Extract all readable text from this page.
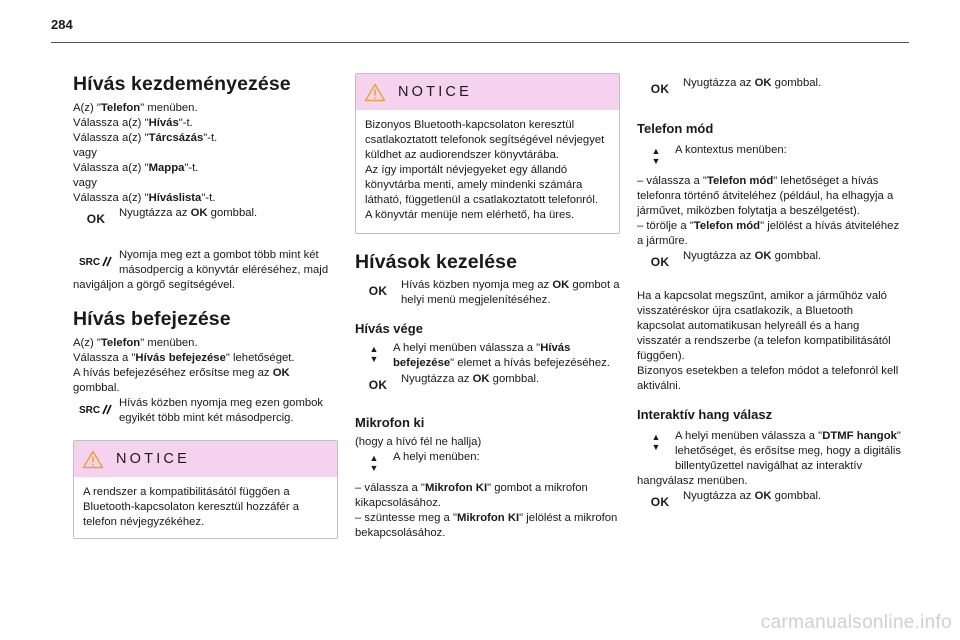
284
Hívás kezdeményezése

A(z) "Telefon" menüben.

Válassza a(z) "Hívás"-t.

Válassza a(z) "Tárcsázás"-t.

vagy

Válassza a(z) "Mappa"-t.

vagy

Válassza a(z) "Híváslista"-t.

OK	Nyugtázza az OK gombbal.
SRC
Nyomja meg ezt a gombot több mint két másodpercig a könyvtár eléréséhez, majd navigáljon a görgő segítségével.
Hívás befejezése

A(z) "Telefon" menüben.

Válassza a "Hívás befejezése" lehetőséget.

A hívás befejezéséhez erősítse meg az OK gombbal.

SRC
Hívás közben nyomja meg ezen gombok egyikét több mint két másodpercig.
NOTICE
A rendszer a kompatibilitásától függően a Bluetooth-kapcsolaton keresztül hozzáfér a telefon névjegyzékéhez.
NOTICE

Bizonyos Bluetooth-kapcsolaton keresztül csatlakoztatott telefonok segítségével névjegyet küldhet az audiorendszer könyvtárába.

Az így importált névjegyeket egy állandó könyvtárba menti, amely mindenki számára látható, függetlenül a csatlakoztatott telefonról.

A könyvtár menüje nem elérhető, ha üres.

Hívások kezelése
OK	Hívás közben nyomja meg az OK gombot a helyi menü megjelenítéséhez.
Hívás vége
▲
▼
A helyi menüben válassza a "Hívás befejezése" elemet a hívás befejezéséhez.
OK	Nyugtázza az OK gombbal.
Mikrofon ki

(hogy a hívó fél ne hallja)

▲
▼
A helyi menüben:

– válassza a "Mikrofon KI" gombot a mikrofon kikapcsolásához.

– szüntesse meg a "Mikrofon KI" jelölést a mikrofon bekapcsolásához.

OK	Nyugtázza az OK gombbal.
Telefon mód
▲
▼
A kontextus menüben:

– válassza a "Telefon mód" lehetőséget a hívás telefonra történő átviteléhez (például, ha elhagyja a járművet, miközben folytatja a beszélgetést).

– törölje a "Telefon mód" jelölést a hívás átviteléhez a járműre.

OK	Nyugtázza az OK gombbal.

Ha a kapcsolat megszűnt, amikor a járműhöz való visszatéréskor újra csatlakozik, a Bluetooth kapcsolat automatikusan helyreáll és a hang visszatér a rendszerbe (a telefon kompatibilitásától függően).

Bizonyos esetekben a telefon módot a telefonról kell aktiválni.

Interaktív hang válasz
▲
▼
A helyi menüben válassza a "DTMF hangok" lehetőséget, és erősítse meg, hogy a digitális billentyűzettel navigálhat az interaktív hangválasz menüben.
OK	Nyugtázza az OK gombbal.
carmanualsonline.info
